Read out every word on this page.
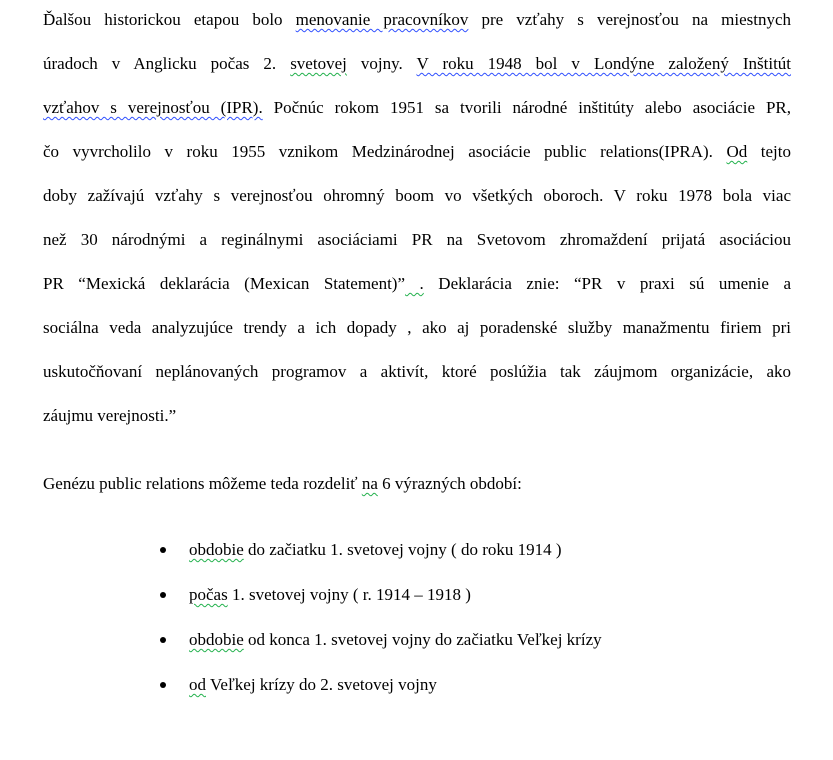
Ďalšou historickou etapou bolo menovanie pracovníkov pre vzťahy s verejnosťou na miestnych
úradoch v Anglicku počas 2. svetovej vojny. V roku 1948 bol v Londýne založený Inštitút
vzťahov s verejnosťou (IPR). Počnúc rokom 1951 sa tvorili národné inštitúty alebo asociácie PR,
čo vyvrcholilo v roku 1955 vznikom Medzinárodnej asociácie public relations(IPRA). Od tejto
doby zažívajú vzťahy s verejnosťou ohromný boom vo všetkých oboroch. V roku 1978 bola viac
než 30 národnými a reginálnymi asociáciami PR na Svetovom zhromaždení prijatá asociáciou
PR “Mexická deklarácia (Mexican Statement)” . Deklarácia znie: “PR v praxi sú umenie a
sociálna veda analyzujúce trendy a ich dopady , ako aj poradenské služby manažmentu firiem pri
uskutočňovaní neplánovaných programov a aktivít, ktoré poslúžia tak záujmom organizácie, ako
záujmu verejnosti.”
Genézu public relations môžeme teda rozdeliť na 6 výrazných období:
obdobie do začiatku 1. svetovej vojny ( do roku 1914 )
počas 1. svetovej vojny ( r. 1914 – 1918 )
obdobie od konca 1. svetovej vojny do začiatku Veľkej krízy
od Veľkej krízy do 2. svetovej vojny
